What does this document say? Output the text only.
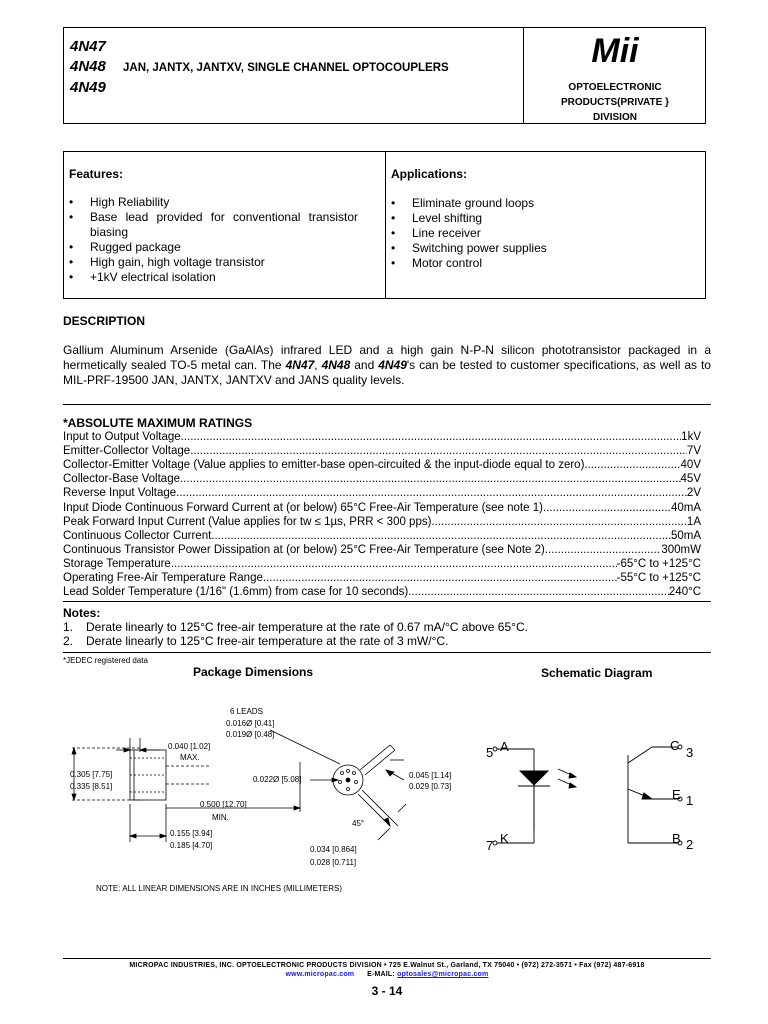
4N47
4N48
4N49
JAN, JANTX, JANTXV, SINGLE CHANNEL OPTOCOUPLERS	Mii
OPTOELECTRONIC
PRODUCTS(PRIVATE }
DIVISION
Features:
• High Reliability
• Base lead provided for conventional transistor biasing
• Rugged package
• High gain, high voltage transistor
• +1kV electrical isolation
Applications:
• Eliminate ground loops
• Level shifting
• Line receiver
• Switching power supplies
• Motor control
DESCRIPTION
Gallium Aluminum Arsenide (GaAlAs) infrared LED and a high gain N-P-N silicon phototransistor packaged in a hermetically sealed TO-5 metal can. The 4N47, 4N48 and 4N49's can be tested to customer specifications, as well as to MIL-PRF-19500 JAN, JANTX, JANTXV and JANS quality levels.
*ABSOLUTE MAXIMUM RATINGS
Input to Output Voltage .....	1kV
Emitter-Collector Voltage .....	7V
Collector-Emitter Voltage (Value applies to emitter-base open-circuited & the input-diode equal to zero) .....	40V
Collector-Base Voltage .....	45V
Reverse Input Voltage .....	2V
Input Diode Continuous Forward Current at (or below) 65°C Free-Air Temperature (see note 1) .....	40mA
Peak Forward Input Current (Value applies for tw ≤ 1µs, PRR < 300 pps) .....	1A
Continuous Collector Current .....	50mA
Continuous Transistor Power Dissipation at (or below) 25°C Free-Air Temperature (see Note 2) .....	300mW
Storage Temperature .....	-65°C to +125°C
Operating Free-Air Temperature Range .....	-55°C to +125°C
Lead Solder Temperature (1/16" (1.6mm) from case for 10 seconds) .....	240°C
Notes:
1. Derate linearly to 125°C free-air temperature at the rate of 0.67 mA/°C above 65°C.
2. Derate linearly to 125°C free-air temperature at the rate of 3 mW/°C.
*JEDEC registered data
Package Dimensions	Schematic Diagram
6 LEADS
0.016Ø [0.41]
0.019Ø [0.48]
0.040 [1.02]
MAX.
0.305 [7.75]
0.335 [8.51]
0.022Ø [5.08]
0.500 [12.70]
MIN.
0.155 [3.94]
0.185 [4.70]
0.045 [1.14]
0.029 [0.73]
45°
0.034 [0.864]
0.028 [0.711]
NOTE: ALL LINEAR DIMENSIONS ARE IN INCHES (MILLIMETERS)
5 A
7 K
C 3
E 1
B 2
MICROPAC INDUSTRIES, INC. OPTOELECTRONIC PRODUCTS DIVISION • 725 E.Walnut St., Garland, TX 75040 • (972) 272-3571 • Fax (972) 487-6918
www.micropac.com E-MAIL: optosales@micropac.com
3 - 14
